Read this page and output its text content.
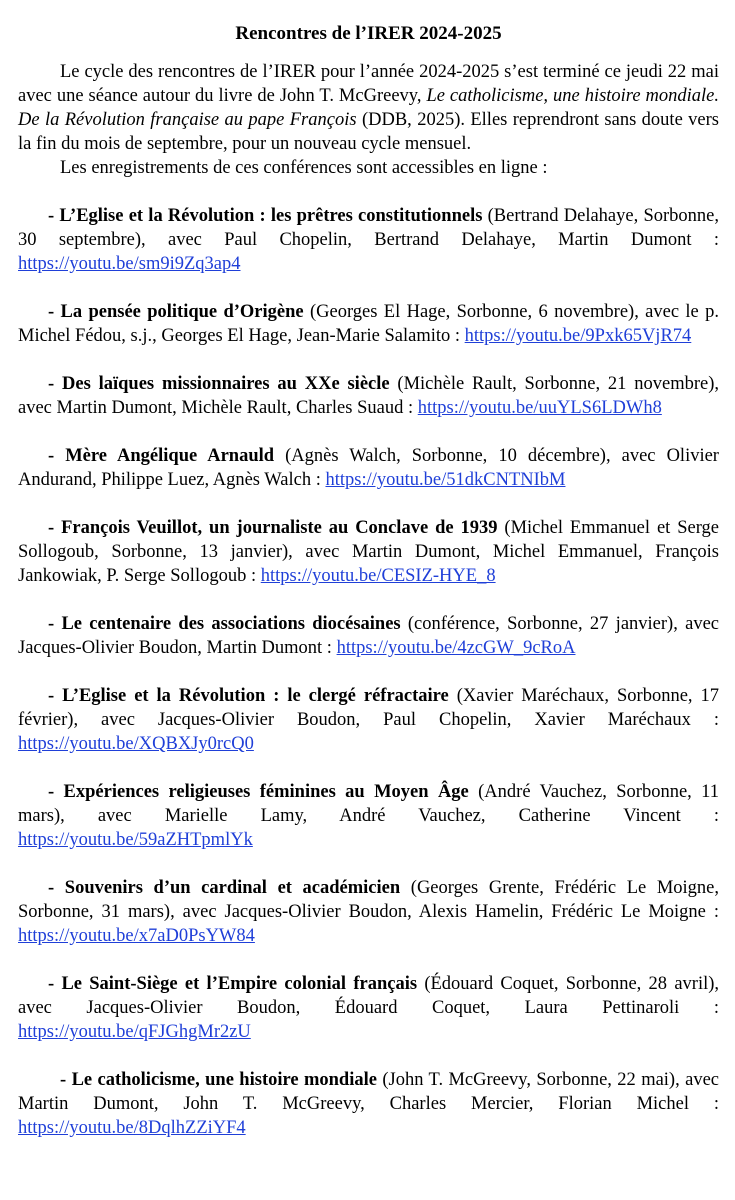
Rencontres de l’IRER 2024-2025

Le cycle des rencontres de l’IRER pour l’année 2024-2025 s’est terminé ce jeudi 22 mai avec une séance autour du livre de John T. McGreevy, Le catholicisme, une histoire mondiale. De la Révolution française au pape François (DDB, 2025). Elles reprendront sans doute vers la fin du mois de septembre, pour un nouveau cycle mensuel.

Les enregistrements de ces conférences sont accessibles en ligne :

- L’Eglise et la Révolution : les prêtres constitutionnels (Bertrand Delahaye, Sorbonne, 30 septembre), avec Paul Chopelin, Bertrand Delahaye, Martin Dumont : https://youtu.be/sm9i9Zq3ap4

- La pensée politique d’Origène (Georges El Hage, Sorbonne, 6 novembre), avec le p. Michel Fédou, s.j., Georges El Hage, Jean-Marie Salamito : https://youtu.be/9Pxk65VjR74

- Des laïques missionnaires au XXe siècle (Michèle Rault, Sorbonne, 21 novembre), avec Martin Dumont, Michèle Rault, Charles Suaud : https://youtu.be/uuYLS6LDWh8

- Mère Angélique Arnauld (Agnès Walch, Sorbonne, 10 décembre), avec Olivier Andurand, Philippe Luez, Agnès Walch : https://youtu.be/51dkCNTNIbM

- François Veuillot, un journaliste au Conclave de 1939 (Michel Emmanuel et Serge Sollogoub, Sorbonne, 13 janvier), avec Martin Dumont, Michel Emmanuel, François Jankowiak, P. Serge Sollogoub : https://youtu.be/CESIZ-HYE_8

- Le centenaire des associations diocésaines (conférence, Sorbonne, 27 janvier), avec Jacques-Olivier Boudon, Martin Dumont : https://youtu.be/4zcGW_9cRoA

- L’Eglise et la Révolution : le clergé réfractaire (Xavier Maréchaux, Sorbonne, 17 février), avec Jacques-Olivier Boudon, Paul Chopelin, Xavier Maréchaux : https://youtu.be/XQBXJy0rcQ0

- Expériences religieuses féminines au Moyen Âge (André Vauchez, Sorbonne, 11 mars), avec Marielle Lamy, André Vauchez, Catherine Vincent : https://youtu.be/59aZHTpmlYk

- Souvenirs d’un cardinal et académicien (Georges Grente, Frédéric Le Moigne, Sorbonne, 31 mars), avec Jacques-Olivier Boudon, Alexis Hamelin, Frédéric Le Moigne : https://youtu.be/x7aD0PsYW84

- Le Saint-Siège et l’Empire colonial français (Édouard Coquet, Sorbonne, 28 avril), avec Jacques-Olivier Boudon, Édouard Coquet, Laura Pettinaroli : https://youtu.be/qFJGhgMr2zU

- Le catholicisme, une histoire mondiale (John T. McGreevy, Sorbonne, 22 mai), avec Martin Dumont, John T. McGreevy, Charles Mercier, Florian Michel : https://youtu.be/8DqlhZZiYF4
